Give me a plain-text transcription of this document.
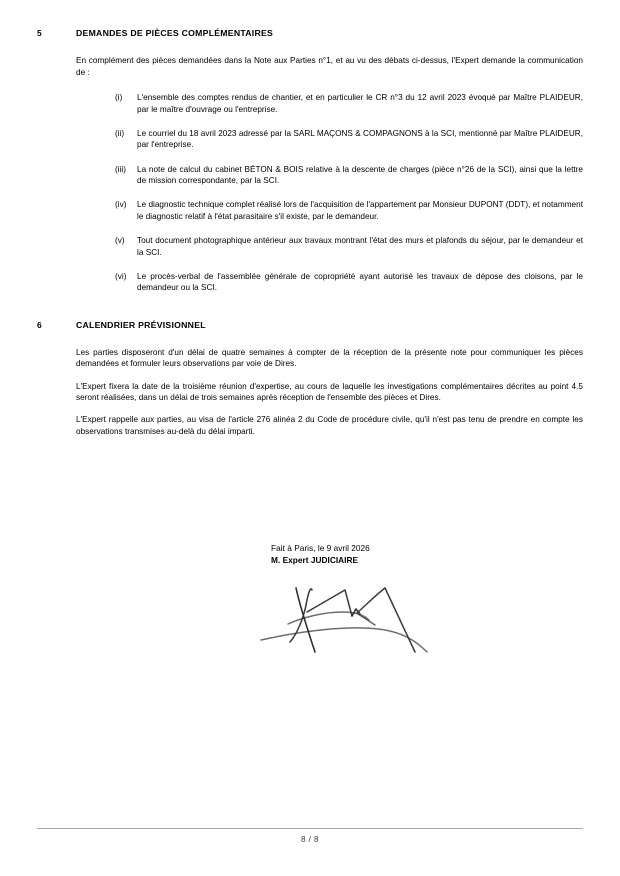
5	DEMANDES DE PIÈCES COMPLÉMENTAIRES

En complément des pièces demandées dans la Note aux Parties n°1, et au vu des débats ci-dessus, l'Expert demande la communication de :

(i) L'ensemble des comptes rendus de chantier, et en particulier le CR n°3 du 12 avril 2023 évoqué par Maître PLAIDEUR, par le maître d'ouvrage ou l'entreprise.
(ii) Le courriel du 18 avril 2023 adressé par la SARL MAÇONS & COMPAGNONS à la SCI, mentionné par Maître PLAIDEUR, par l'entreprise.
(iii) La note de calcul du cabinet BÉTON & BOIS relative à la descente de charges (pièce n°26 de la SCI), ainsi que la lettre de mission correspondante, par la SCI.
(iv) Le diagnostic technique complet réalisé lors de l'acquisition de l'appartement par Monsieur DUPONT (DDT), et notamment le diagnostic relatif à l'état parasitaire s'il existe, par le demandeur.
(v) Tout document photographique antérieur aux travaux montrant l'état des murs et plafonds du séjour, par le demandeur et la SCI.
(vi) Le procès-verbal de l'assemblée générale de copropriété ayant autorisé les travaux de dépose des cloisons, par le demandeur ou la SCI.
6	CALENDRIER PRÉVISIONNEL

Les parties disposeront d'un délai de quatre semaines à compter de la réception de la présente note pour communiquer les pièces demandées et formuler leurs observations par voie de Dires.

L'Expert fixera la date de la troisième réunion d'expertise, au cours de laquelle les investigations complémentaires décrites au point 4.5 seront réalisées, dans un délai de trois semaines après réception de l'ensemble des pièces et Dires.

L'Expert rappelle aux parties, au visa de l'article 276 alinéa 2 du Code de procédure civile, qu'il n'est pas tenu de prendre en compte les observations transmises au-delà du délai imparti.

Fait à Paris, le 9 avril 2026
M. Expert JUDICIAIRE
8 / 8
